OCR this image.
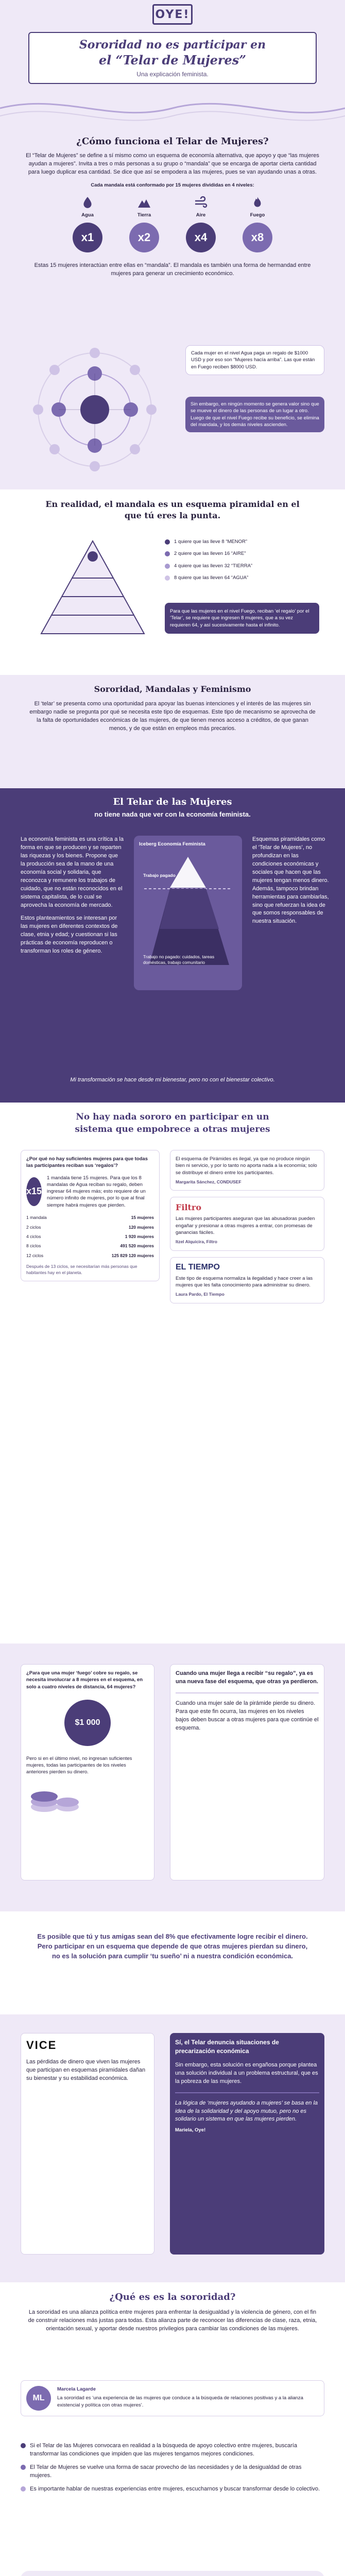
OYE!
Sororidad no es participar en
el “Telar de Mujeres”
Una explicación feminista.
¿Cómo funciona el Telar de Mujeres?
El “Telar de Mujeres” se define a sí mismo como un esquema de economía alternativa, que apoyo y que “las mujeres ayudan a mujeres”. Invita a tres o más personas a su grupo o “mandala” que se encarga de aportar cierta cantidad para luego duplicar esa cantidad. Se dice que así se empodera a las mujeres, pues se van ayudando unas a otras.
Cada mandala está conformado por 15 mujeres divididas en 4 niveles:
Agua
x1
Tierra
x2
Aire
x4
Fuego
x8
Estas 15 mujeres interactúan entre ellas en “mandala”. El mandala es también una forma de hermandad entre mujeres para generar un crecimiento económico.
Cada mujer en el nivel Agua paga un regalo de $1000 USD y por eso son “Mujeres hacía arriba”. Las que están en Fuego reciben $8000 USD.
Sin embargo, en ningún momento se genera valor sino que se mueve el dinero de las personas de un lugar a otro. Luego de que el nivel Fuego recibe su beneficio, se elimina del mandala, y los demás niveles ascienden.
En realidad, el mandala es un esquema piramidal en el que tú eres la punta.
1 quiere que las lleve 8 “MENOR”
2 quiere que las lleven 16 “AIRE”
4 quiere que las lleven 32 “TIERRA”
8 quiere que las lleven 64 “AGUA”
Para que las mujeres en el nivel Fuego, reciban ‘el regalo’ por el ‘Telar’, se requiere que ingresen 8 mujeres, que a su vez requieren 64, y así sucesivamente hasta el infinito.
Sororidad, Mandalas y Feminismo
El ‘telar’ se presenta como una oportunidad para apoyar las buenas intenciones y el interés de las mujeres sin embargo nadie se pregunta por qué se necesita este tipo de esquemas. Este tipo de mecanismo se aprovecha de la falta de oportunidades económicas de las mujeres, de que tienen menos acceso a créditos, de que ganan menos, y de que están en empleos más precarios.
El Telar de las Mujeres
no tiene nada que ver con la economía feminista.
La economía feminista es una crítica a la forma en que se producen y se reparten las riquezas y los bienes. Propone que la producción sea de la mano de una economía social y solidaria, que reconozca y remunere los trabajos de cuidado, que no están reconocidos en el sistema capitalista, de lo cual se aprovecha la economía de mercado.
Estos planteamientos se interesan por las mujeres en diferentes contextos de clase, etnia y edad; y cuestionan si las prácticas de economía reproducen o transforman los roles de género.
Iceberg Economía Feminista
Trabajo pagado
Trabajo no pagado: cuidados, tareas domésticas, trabajo comunitario
Esquemas piramidales como el ‘Telar de Mujeres’, no profundizan en las condiciones económicas y sociales que hacen que las mujeres tengan menos dinero. Además, tampoco brindan herramientas para cambiarlas, sino que refuerzan la idea de que somos responsables de nuestra situación.
Mi transformación se hace desde mi bienestar, pero no con el bienestar colectivo.
No hay nada sororo en participar en un
sistema que empobrece a otras mujeres
¿Por qué no hay suficientes mujeres para que todas las participantes reciban sus ‘regalos’?
x15
1 mandala tiene 15 mujeres. Para que los 8 mandalas de Agua reciban su regalo, deben ingresar 64 mujeres más; esto requiere de un número infinito de mujeres, por lo que al final siempre habrá mujeres que pierden.
1 mandala	15 mujeres
2 ciclos	120 mujeres
4 ciclos	1 920 mujeres
8 ciclos	491 520 mujeres
12 ciclos	125 829 120 mujeres
Después de 13 ciclos, se necesitarían más personas que habitantes hay en el planeta.
El esquema de Pirámides es ilegal, ya que no produce ningún bien ni servicio, y por lo tanto no aporta nada a la economía; solo se distribuye el dinero entre los participantes.
Margarita Sánchez, CONDUSEF
Filtro
Las mujeres participantes aseguran que las abusadoras pueden engañar y presionar a otras mujeres a entrar, con promesas de ganancias fáciles.
Itzel Alquicira, Filtro
EL TIEMPO
Este tipo de esquema normaliza la ilegalidad y hace creer a las mujeres que les falta conocimiento para administrar su dinero.
Laura Pardo, El Tiempo
¿Para que una mujer ‘fuego’ cobre su regalo, se necesita involucrar a 8 mujeres en el esquema, en solo a cuatro niveles de distancia, 64 mujeres?
$1 000
Pero si en el último nivel, no ingresan suficientes mujeres, todas las participantes de los niveles anteriores pierden su dinero.
Cuando una mujer llega a recibir “su regalo”, ya es una nueva fase del esquema, que otras ya perdieron.
Cuando una mujer sale de la pirámide pierde su dinero. Para que este fin ocurra, las mujeres en los niveles bajos deben buscar a otras mujeres para que continúe el esquema.
Es posible que tú y tus amigas sean del 8% que efectivamente logre recibir el dinero. Pero participar en un esquema que depende de que otras mujeres pierdan su dinero, no es la solución para cumplir ‘tu sueño’ ni a nuestra condición económica.
VICE
Las pérdidas de dinero que viven las mujeres que participan en esquemas piramidales dañan su bienestar y su estabilidad económica.
Sí, el Telar denuncia situaciones de precarización económica
Sin embargo, esta solución es engañosa porque plantea una solución individual a un problema estructural, que es la pobreza de las mujeres.
La lógica de ‘mujeres ayudando a mujeres’ se basa en la idea de la solidaridad y del apoyo mutuo, pero no es solidario un sistema en que las mujeres pierden.
Mariela, Oye!
¿Qué es es la sororidad?
La sororidad es una alianza política entre mujeres para enfrentar la desigualdad y la violencia de género, con el fin de construir relaciones más justas para todas. Esta alianza parte de reconocer las diferencias de clase, raza, etnia, orientación sexual, y aportar desde nuestros privilegios para cambiar las condiciones de las mujeres.
ML
Marcela Lagarde
La sororidad es ‘una experiencia de las mujeres que conduce a la búsqueda de relaciones positivas y a la alianza existencial y política con otras mujeres’.
Si el Telar de las Mujeres convocara en realidad a la búsqueda de apoyo colectivo entre mujeres, buscaría transformar las condiciones que impiden que las mujeres tengamos mejores condiciones.
El Telar de Mujeres se vuelve una forma de sacar provecho de las necesidades y de la desigualdad de otras mujeres.
Es importante hablar de nuestras experiencias entre mujeres, escucharnos y buscar transformar desde lo colectivo.
